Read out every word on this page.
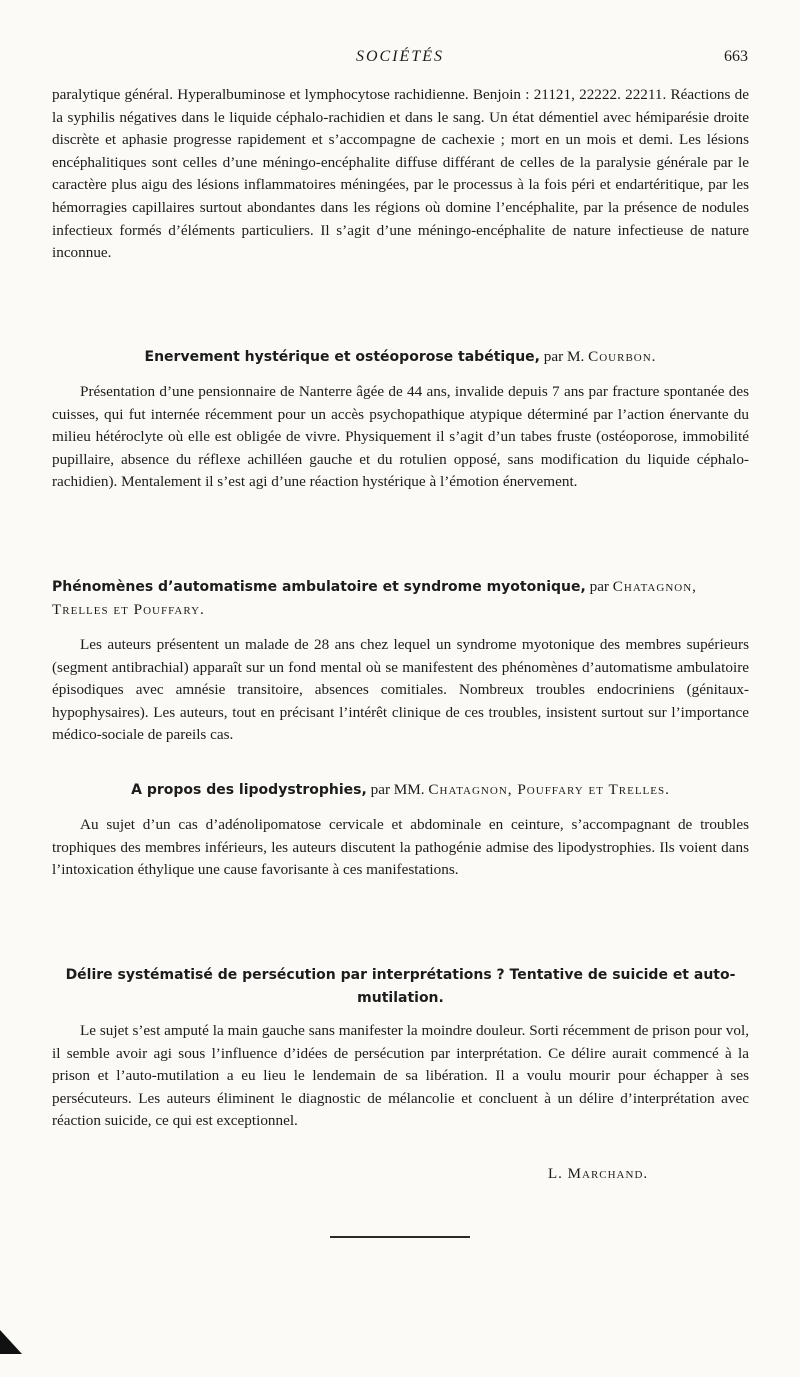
SOCIÉTÉS	663

paralytique général. Hyperalbuminose et lymphocytose rachidienne. Benjoin : 21121, 22222. 22211. Réactions de la syphilis négatives dans le liquide céphalo-rachidien et dans le sang. Un état démentiel avec hémiparésie droite discrète et aphasie progresse rapidement et s’accompagne de cachexie ; mort en un mois et demi. Les lésions encéphalitiques sont celles d’une méningo-encéphalite diffuse différant de celles de la paralysie générale par le caractère plus aigu des lésions inflammatoires méningées, par le processus à la fois péri et endartéritique, par les hémorragies capillaires surtout abondantes dans les régions où domine l’encéphalite, par la présence de nodules infectieux formés d’éléments particuliers. Il s’agit d’une méningo-encéphalite de nature infectieuse de nature inconnue.

Enervement hystérique et ostéoporose tabétique, par M. Courbon.

Présentation d’une pensionnaire de Nanterre âgée de 44 ans, invalide depuis 7 ans par fracture spontanée des cuisses, qui fut internée récemment pour un accès psychopathique atypique déterminé par l’action énervante du milieu hétéroclyte où elle est obligée de vivre. Physiquement il s’agit d’un tabes fruste (ostéoporose, immobilité pupillaire, absence du réflexe achilléen gauche et du rotulien opposé, sans modification du liquide céphalo-rachidien). Mentalement il s’est agi d’une réaction hystérique à l’émotion énervement.

Phénomènes d’automatisme ambulatoire et syndrome myotonique, par Chatagnon, Trelles et Pouffary.

Les auteurs présentent un malade de 28 ans chez lequel un syndrome myotonique des membres supérieurs (segment antibrachial) apparaît sur un fond mental où se manifestent des phénomènes d’automatisme ambulatoire épisodiques avec amnésie transitoire, absences comitiales. Nombreux troubles endocriniens (génitaux-hypophysaires). Les auteurs, tout en précisant l’intérêt clinique de ces troubles, insistent surtout sur l’importance médico-sociale de pareils cas.

A propos des lipodystrophies, par MM. Chatagnon, Pouffary et Trelles.

Au sujet d’un cas d’adénolipomatose cervicale et abdominale en ceinture, s’accompagnant de troubles trophiques des membres inférieurs, les auteurs discutent la pathogénie admise des lipodystrophies. Ils voient dans l’intoxication éthylique une cause favorisante à ces manifestations.

Délire systématisé de persécution par interprétations ? Tentative de suicide et auto-mutilation.

Le sujet s’est amputé la main gauche sans manifester la moindre douleur. Sorti récemment de prison pour vol, il semble avoir agi sous l’influence d’idées de persécution par interprétation. Ce délire aurait commencé à la prison et l’auto-mutilation a eu lieu le lendemain de sa libération. Il a voulu mourir pour échapper à ses persécuteurs. Les auteurs éliminent le diagnostic de mélancolie et concluent à un délire d’interprétation avec réaction suicide, ce qui est exceptionnel.

L. Marchand.
